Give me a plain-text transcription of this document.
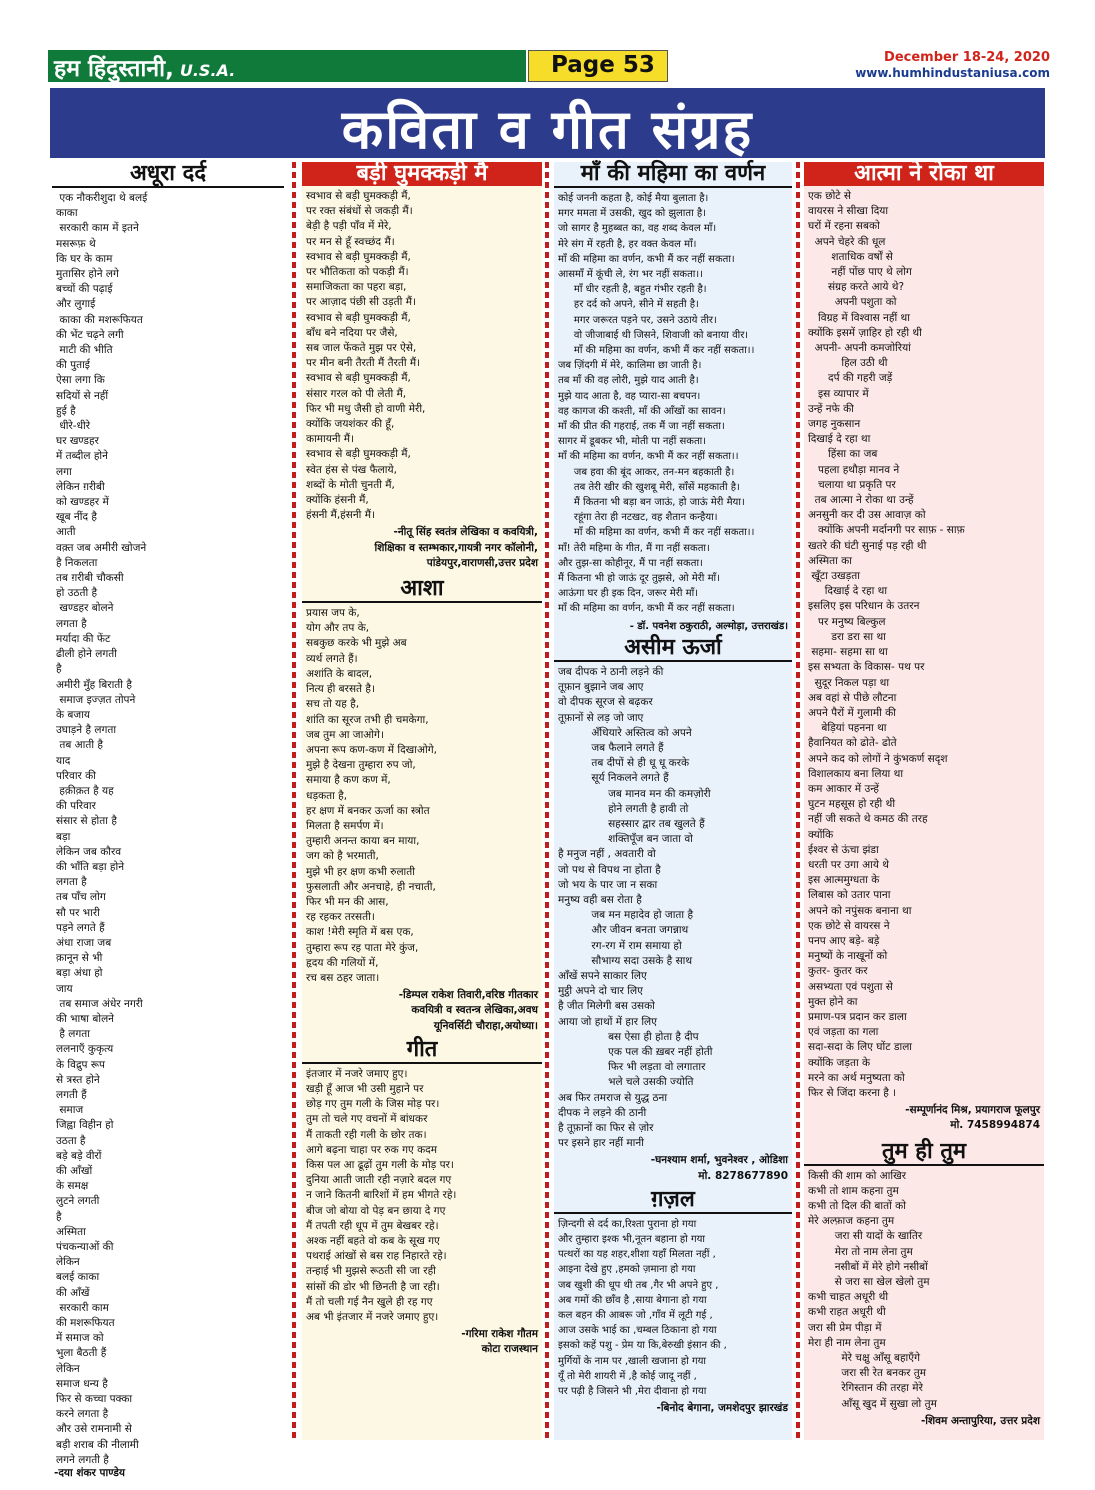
हम हिंदुस्तानी, U.S.A.	Page 53	December 18-24, 2020
www.humhindustaniusa.com
कविता व गीत संग्रह
अधूरा दर्द
एक नौकरीशुदा थे बलई
काका
सरकारी काम में इतने
मसरूफ़ थे
कि घर के काम
मुतासिर होने लगे
बच्चों की पढ़ाई
और लुगाई
काका की मशरूफियत
की भेंट चढ़ने लगी
माटी की भीति
की पुताई
ऐसा लगा कि
सदियों से नहीं
हुई है
धीरे-धीरे
घर खण्डहर
में तब्दील होने
लगा
लेकिन ग़रीबी
को खण्डहर में
खूब नींद है
आती
वक़्त जब अमीरी खोजने
है निकलता
तब ग़रीबी चौकसी
हो उठती है
खण्डहर बोलने
लगता है
मर्यादा की फेंट
ढीली होने लगती
है
अमीरी मुँह बिराती है
समाज इज्ज़त तोपने
के बजाय
उघाड़ने है लगता
तब आती है
याद
परिवार की
हक़ीक़त है यह
की परिवार
संसार से होता है
बड़ा
लेकिन जब कौरव
की भाँति बड़ा होने
लगता है
तब पाँच लोग
सौ पर भारी
पड़ने लगते हैं
अंधा राजा जब
क़ानून से भी
बड़ा अंधा हो
जाय
तब समाज अंधेर नगरी
की भाषा बोलने
है लगता
ललनाएँ कुकृत्य
के विद्रुप रूप
से त्रस्त होने
लगती हैं
समाज
जिह्वा विहीन हो
उठता है
बड़े बड़े वीरों
की आँखों
के समक्ष
लुटने लगती
है
अस्मिता
पंचकन्याओं की
लेकिन
बलई काका
की आँखें
सरकारी काम
की मशरूफियत
में समाज को
भुला बैठती हैं
लेकिन
समाज धन्य है
फिर से कच्चा पक्का
करने लगता है
और उसे रामनामी से
बड़ी शराब की नीलामी
लगने लगती है
-दया शंकर पाण्डेय
बड़ी घुमक्कड़ी मै
स्वभाव से बड़ी घुमक्कड़ी मैं,
पर रक्त संबंधों से जकड़ी मैं।
बेड़ी है पड़ी पाँव में मेरे,
पर मन से हूँ स्वच्छंद मैं।
स्वभाव से बड़ी घुमक्कड़ी मैं,
पर भौतिकता को पकड़ी मैं।
समाजिकता का पहरा बड़ा,
पर आज़ाद पंछी सी उड़ती मैं।
स्वभाव से बड़ी घुमक्कड़ी मैं,
बाँध बने नदिया पर जैसे,
सब जाल फेंकते मुझ पर ऐसे,
पर मीन बनी तैरती मैं तैरती मैं।
स्वभाव से बड़ी घुमक्कड़ी मैं,
संसार गरल को पी लेती मैं,
फिर भी मधु जैसी हो वाणी मेरी,
क्योंकि जयशंकर की हूँ,
कामायनी मैं।
स्वभाव से बड़ी घुमक्कड़ी मैं,
स्वेत हंस से पंख फैलाये,
शब्दों के मोती चुनती मैं,
क्योंकि हंसनी मैं,
हंसनी मैं,हंसनी मैं।
-नीतू सिंह स्वतंत्र लेखिका व कवयित्री,
शिक्षिका व स्तम्भकार,गायत्री नगर कॉलोनी,
पांडेयपुर,वाराणसी,उत्तर प्रदेश
आशा
प्रयास जप के,
योग और तप के,
सबकुछ करके भी मुझे अब
व्यर्थ लगते हैं।
अशांति के बादल,
नित्य ही बरसते है।
सच तो यह है,
शांति का सूरज तभी ही चमकेगा,
जब तुम आ जाओगे।
अपना रूप कण-कण में दिखाओगे,
मुझे है देखना तुम्हारा रुप जो,
समाया है कण कण में,
धड़कता है,
हर क्षण में बनकर ऊर्जा का स्त्रोत
मिलता है समर्पण में।
तुम्हारी अनन्त काया बन माया,
जग को है भरमाती,
मुझे भी हर क्षण कभी रुलाती
फुसलाती और अनचाहे, ही नचाती,
फिर भी मन की आस,
रह रहकर तरसती।
काश !मेरी स्मृति में बस एक,
तुम्हारा रूप रह पाता मेरे कुंज,
हृदय की गलियों में,
रच बस ठहर जाता।
-डिम्पल राकेश तिवारी,वरिष्ठ गीतकार
कवयित्री व स्वतन्त्र लेखिका,अवध
यूनिवर्सिटी चौराहा,अयोध्या।
गीत
इंतजार में नजरे जमाए हुए।
खड़ी हूँ आज भी उसी मुहाने पर
छोड़ गए तुम गली के जिस मोड़ पर।
तुम तो चले गए वचनों में बांधकर
मैं ताकती रही गली के छोर तक।
आगे बढ़ना चाहा पर रुक गए कदम
किस पल आ ढूढ़ों तुम गली के मोड़ पर।
दुनिया आती जाती रही नज़ारे बदल गए
न जाने कितनी बारिशों में हम भीगते रहे।
बीज जो बोया वो पेड़ बन छाया दे गए
मैं तपती रही धूप में तुम बेखबर रहे।
अश्क नहीं बहते वो कब के सूख गए
पथराई आंखों से बस राह निहारते रहे।
तन्हाई भी मुझसे रूठती सी जा रही
सांसों की डोर भी छिनती है जा रही।
मैं तो चली गई नैन खुले ही रह गए
अब भी इंतजार में नजरे जमाए हुए।
-गरिमा राकेश गौतम
कोटा राजस्थान
माँ की महिमा का वर्णन
कोई जननी कहता है, कोई मैया बुलाता है।
मगर ममता में उसकी, खुद को झुलाता है।
जो सागर है मुहब्बत का, वह शब्द केवल माँ।
मेरे संग में रहती है, हर वक्त केवल माँ।
माँ की महिमा का वर्णन, कभी मैं कर नहीं सकता।
आसमाँ में कूंची ले, रंग भर नहीं सकता।।
माँ धीर रहती है, बहुत गंभीर रहती है।
हर दर्द को अपने, सीने में सहती है।
मगर जरूरत पड़ने पर, उसने उठाये तीर।
वो जीजाबाई थी जिसने, शिवाजी को बनाया वीर।
माँ की महिमा का वर्णन, कभी मैं कर नहीं सकता।।
जब ज़िंदगी में मेरे, कालिमा छा जाती है।
तब माँ की वह लोरी, मुझे याद आती है।
मुझे याद आता है, वह प्यारा-सा बचपन।
वह कागज की कश्ती, माँ की आँखों का सावन।
माँ की प्रीत की गहराई, तक मैं जा नहीं सकता।
सागर में डूबकर भी, मोती पा नहीं सकता।
माँ की महिमा का वर्णन, कभी मैं कर नहीं सकता।।
जब हवा की बूंद आकर, तन-मन बहकाती है।
तब तेरी खीर की खुशबू मेरी, साँसें महकाती है।
मैं कितना भी बड़ा बन जाऊं, हो जाऊं मेरी मैया।
रहूंगा तेरा ही नटखट, वह शैतान कन्हैया।
माँ की महिमा का वर्णन, कभी मैं कर नहीं सकता।।
माँ! तेरी महिमा के गीत, मैं गा नहीं सकता।
और तुझ-सा कोहीनूर, मैं पा नहीं सकता।
मैं कितना भी हो जाऊं दूर तुझसे, ओ मेरी माँ।
आऊंगा घर ही इक दिन, जरूर मेरी माँ।
माँ की महिमा का वर्णन, कभी मैं कर नहीं सकता।
- डॉ. पवनेश ठकुराठी, अल्मोड़ा, उत्तराखंड।
असीम ऊर्जा
जब दीपक ने ठानी लड़ने की
तूफ़ान बुझाने जब आए
वो दीपक सूरज से बढ़कर
तूफ़ानों से लड़ जो जाए
अँधियारे अस्तित्व को अपने
जब फैलाने लगते हैं
तब दीपों से ही धू धू करके
सूर्य निकलने लगते हैं
जब मानव मन की कमज़ोरी
होने लगती है हावी तो
सहस्सार द्वार तब खुलते हैं
शक्तिपूँज बन जाता वो
है मनुज नहीं , अवतारी वो
जो पथ से विपथ ना होता है
जो भय के पार जा न सका
मनुष्य वही बस रोता है
जब मन महादेव हो जाता है
और जीवन बनता जगन्नाथ
रग-रग में राम समाया हो
सौभाग्य सदा उसके है साथ
आँखें सपने साकार लिए
मुट्ठी अपने दो चार लिए
है जीत मिलेगी बस उसको
आया जो हाथों में हार लिए
बस ऐसा ही होता है दीप
एक पल की ख़बर नहीं होती
फिर भी लड़ता वो लगातार
भले चले उसकी ज्योति
अब फिर तमराज से युद्ध ठना
दीपक ने लड़ने की ठानी
है तूफ़ानों का फिर से ज़ोर
पर इसने हार नहीं मानी
-घनश्याम शर्मा, भुवनेश्वर , ओडिशा
मो. 8278677890
ग़ज़ल
ज़िन्दगी से दर्द का,रिश्ता पुराना हो गया
और तुम्हारा इश्क भी,नूतन बहाना हो गया
पत्थरों का यह शहर,शीशा यहाँ मिलता नहीं ,
आइना देखे हुए ,हमको ज़माना हो गया
जब खुशी की धूप थी तब ,गैर भी अपने हुए ,
अब गमों की छाँव है ,साया बेगाना हो गया
कल बहन की आबरू जो ,गाँव में लूटी गई ,
आज उसके भाई का ,चम्बल ठिकाना हो गया
इसको कहें पशु - प्रेम या कि,बेरुखी इंसान की ,
मुर्गियों के नाम पर ,खाली खजाना हो गया
यूँ तो मेरी शायरी में ,है कोई जादू नहीं ,
पर पढ़ी है जिसने भी ,मेरा दीवाना हो गया
-बिनोद बेगाना, जमशेदपुर झारखंड
आत्मा ने रोका था
एक छोटे से
वायरस ने सीखा दिया
घरों में रहना सबको
अपने चेहरे की धूल
शताधिक वर्षों से
नहीं पोंछ पाए थे लोग
संग्रह करते आये थे?
अपनी पशुता को
विग्रह में विश्वास नहीं था
क्योंकि इसमें ज़ाहिर हो रही थी
अपनी- अपनी कमजोरियां
हिल उठी थी
दर्प की गहरी जड़ें
इस व्यापार में
उन्हें नफे की
जगह नुकसान
दिखाई दे रहा था
हिंसा का जब
पहला हथौड़ा मानव ने
चलाया था प्रकृति पर
तब आत्मा ने रोका था उन्हें
अनसुनी कर दी उस आवाज़ को
क्योंकि अपनी मर्दानगी पर साफ़ - साफ़
खतरे की घंटी सुनाई पड़ रही थी
अस्मिता का
खूँटा उखड़ता
दिखाई दे रहा था
इसलिए इस परिधान के उतरन
पर मनुष्य बिल्कुल
डरा डरा सा था
सहमा- सहमा सा था
इस सभ्यता के विकास- पथ पर
सुदूर निकल पड़ा था
अब वहां से पीछे लौटना
अपने पैरों में गुलामी की
बेड़ियां पहनना था
हैवानियत को ढोते- ढोते
अपने कद को लोगों ने कुंभकर्ण सदृश
विशालकाय बना लिया था
कम आकार में उन्हें
घुटन महसूस हो रही थी
नहीं जी सकते थे कमठ की तरह
क्योंकि
ईश्वर से ऊंचा झंडा
धरती पर उगा आये थे
इस आत्ममुग्धता के
लिबास को उतार पाना
अपने को नपुंसक बनाना था
एक छोटे से वायरस ने
पनप आए बड़े- बड़े
मनुष्यों के नाखूनों को
कुतर- कुतर कर
असभ्यता एवं पशुता से
मुक्त होने का
प्रमाण-पत्र प्रदान कर डाला
एवं जड़ता का गला
सदा-सदा के लिए घोंट डाला
क्योंकि जड़ता के
मरने का अर्थ मनुष्यता को
फिर से जिंदा करना है ।
-सम्पूर्णानंद मिश्र, प्रयागराज फूलपुर
मो. 7458994874
तुम ही तुम
किसी की शाम को आखिर
कभी तो शाम कहना तुम
कभी तो दिल की बातों को
मेरे अल्फ़ाज कहना तुम
जरा सी यादों के खातिर
मेरा तो नाम लेना तुम
नसीबों में मेरे होगे नसीबों
से जरा सा खेल खेलो तुम
कभी चाहत अधूरी थी
कभी राहत अधूरी थी
जरा सी प्रेम पीड़ा में
मेरा ही नाम लेना तुम
मेरे चक्षु आँसू बहाएँगे
जरा सी रेत बनकर तुम
रेगिस्तान की तरहा मेरे
आँसू खुद में सुखा लो तुम
-शिवम अन्तापुरिया, उत्तर प्रदेश
